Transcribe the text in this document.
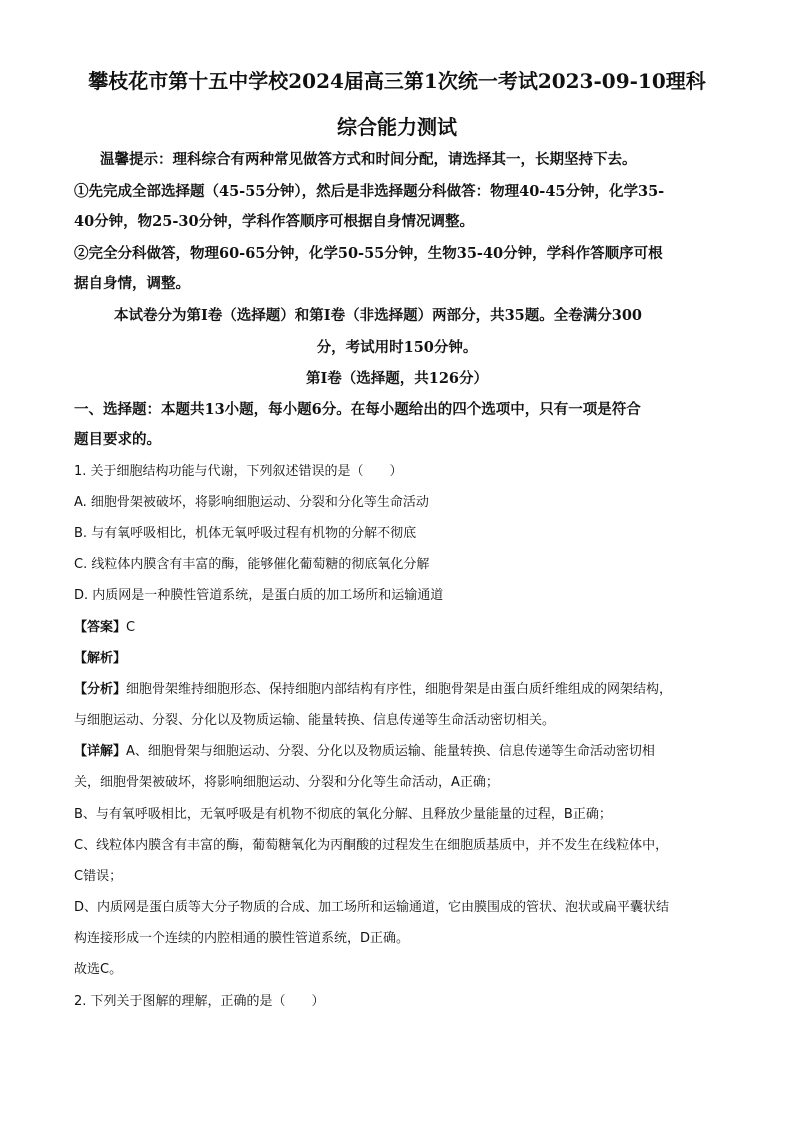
攀枝花市第十五中学校2024届高三第1次统一考试2023-09-10理科
综合能力测试
温馨提示：理科综合有两种常见做答方式和时间分配，请选择其一，长期坚持下去。
①先完成全部选择题（45-55分钟），然后是非选择题分科做答：物理40-45分钟，化学35-
40分钟，物25-30分钟，学科作答顺序可根据自身情况调整。
②完全分科做答，物理60-65分钟，化学50-55分钟，生物35-40分钟，学科作答顺序可根
据自身情，调整。
本试卷分为第Ⅰ卷（选择题）和第Ⅰ卷（非选择题）两部分，共35题。全卷满分300
分，考试用时150分钟。
第Ⅰ卷（选择题，共126分）
一、选择题：本题共13小题，每小题6分。在每小题给出的四个选项中，只有一项是符合
题目要求的。
1. 关于细胞结构功能与代谢，下列叙述错误的是（　　）
A. 细胞骨架被破坏，将影响细胞运动、分裂和分化等生命活动
B. 与有氧呼吸相比，机体无氧呼吸过程有机物的分解不彻底
C. 线粒体内膜含有丰富的酶，能够催化葡萄糖的彻底氧化分解
D. 内质网是一种膜性管道系统，是蛋白质的加工场所和运输通道
【答案】C
【解析】
【分析】细胞骨架维持细胞形态、保持细胞内部结构有序性，细胞骨架是由蛋白质纤维组成的网架结构，
与细胞运动、分裂、分化以及物质运输、能量转换、信息传递等生命活动密切相关。
【详解】A、细胞骨架与细胞运动、分裂、分化以及物质运输、能量转换、信息传递等生命活动密切相
关，细胞骨架被破坏，将影响细胞运动、分裂和分化等生命活动，A正确；
B、与有氧呼吸相比，无氧呼吸是有机物不彻底的氧化分解、且释放少量能量的过程，B正确；
C、线粒体内膜含有丰富的酶，葡萄糖氧化为丙酮酸的过程发生在细胞质基质中，并不发生在线粒体中，
C错误；
D、内质网是蛋白质等大分子物质的合成、加工场所和运输通道，它由膜围成的管状、泡状或扁平囊状结
构连接形成一个连续的内腔相通的膜性管道系统，D正确。
故选C。
2. 下列关于图解的理解，正确的是（　　）
